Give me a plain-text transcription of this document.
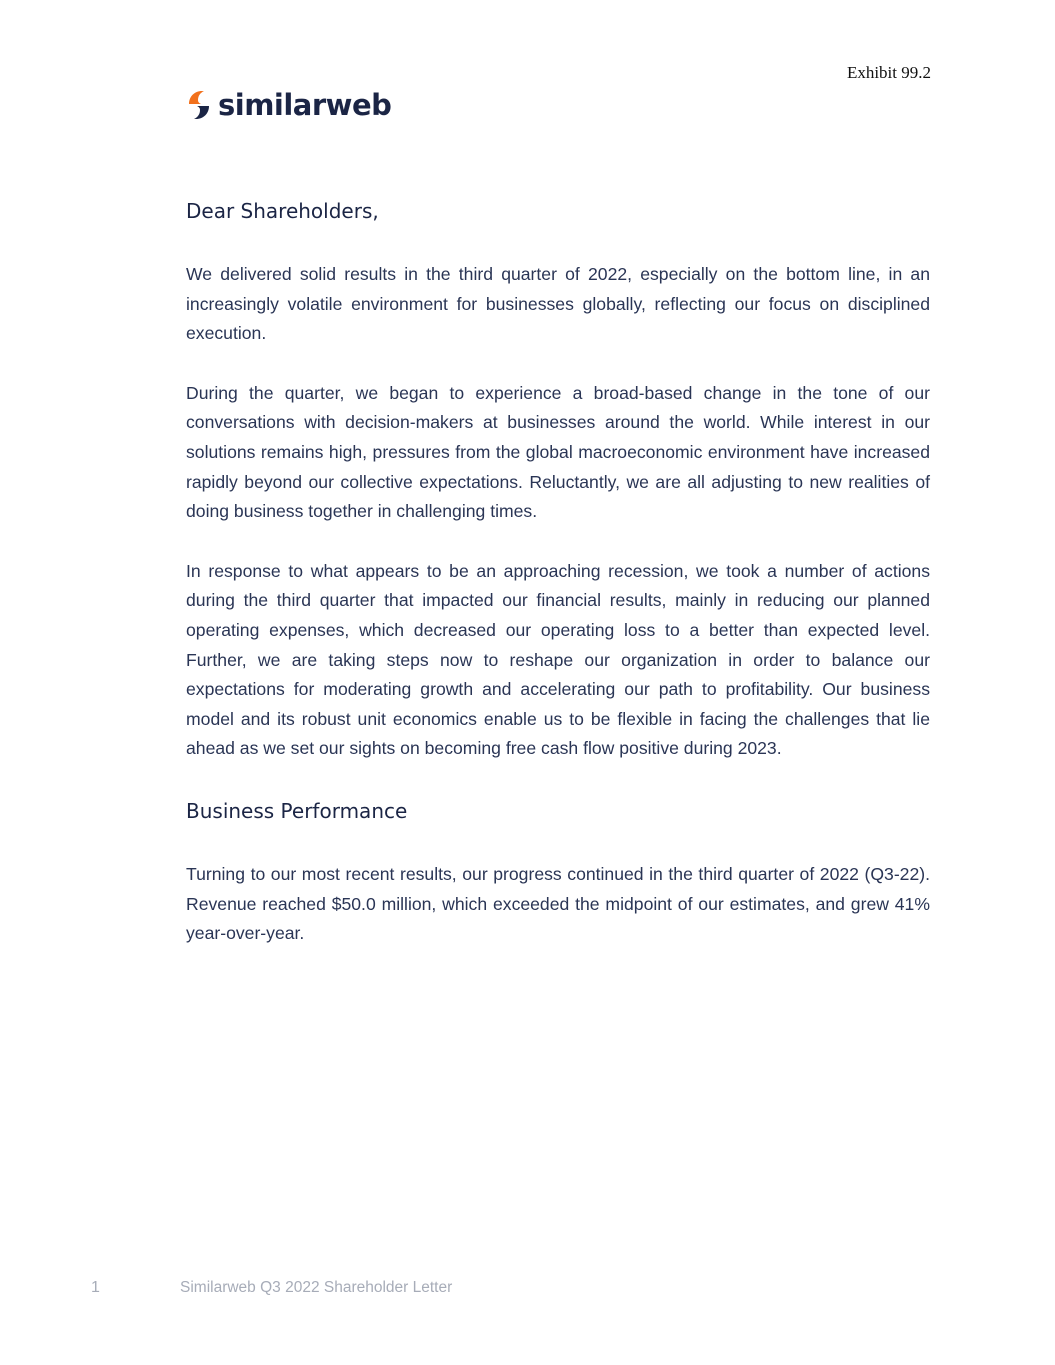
Exhibit 99.2
similarweb
Dear Shareholders,

We delivered solid results in the third quarter of 2022, especially on the bottom line, in an increasingly volatile environment for businesses globally, reflecting our focus on disciplined execution.

During the quarter, we began to experience a broad-based change in the tone of our conversations with decision-makers at businesses around the world. While interest in our solutions remains high, pressures from the global macroeconomic environment have increased rapidly beyond our collective expectations. Reluctantly, we are all adjusting to new realities of doing business together in challenging times.

In response to what appears to be an approaching recession, we took a number of actions during the third quarter that impacted our financial results, mainly in reducing our planned operating expenses, which decreased our operating loss to a better than expected level. Further, we are taking steps now to reshape our organization in order to balance our expectations for moderating growth and accelerating our path to profitability. Our business model and its robust unit economics enable us to be flexible in facing the challenges that lie ahead as we set our sights on becoming free cash flow positive during 2023.

Business Performance

Turning to our most recent results, our progress continued in the third quarter of 2022 (Q3-22). Revenue reached $50.0 million, which exceeded the midpoint of our estimates, and grew 41% year-over-year.

1	Similarweb Q3 2022 Shareholder Letter
